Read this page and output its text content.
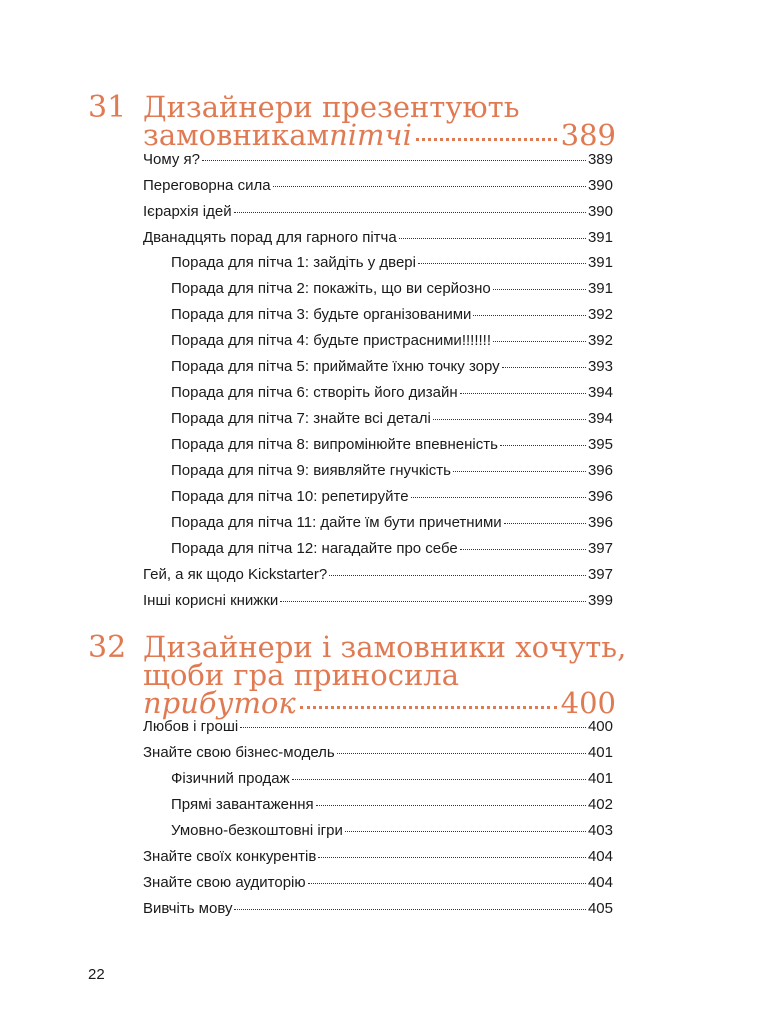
31 Дизайнери презентують
замовникам пітчі	389
Чому я?	389
Переговорна сила	390
Ієрархія ідей	390
Дванадцять порад для гарного пітча	391
Порада для пітча 1: зайдіть у двері	391
Порада для пітча 2: покажіть, що ви серйозно	391
Порада для пітча 3: будьте організованими	392
Порада для пітча 4: будьте пристрасними!!!!!!!	392
Порада для пітча 5: приймайте їхню точку зору	393
Порада для пітча 6: створіть його дизайн	394
Порада для пітча 7: знайте всі деталі	394
Порада для пітча 8: випромінюйте впевненість	395
Порада для пітча 9: виявляйте гнучкість	396
Порада для пітча 10: репетируйте	396
Порада для пітча 11: дайте їм бути причетними	396
Порада для пітча 12: нагадайте про себе	397
Гей, а як щодо Kickstarter?	397
Інші корисні книжки	399
32 Дизайнери і замовники хочуть,
щоби гра приносила
прибуток	400
Любов і гроші	400
Знайте свою бізнес-модель	401
Фізичний продаж	401
Прямі завантаження	402
Умовно-безкоштовні ігри	403
Знайте своїх конкурентів	404
Знайте свою аудиторію	404
Вивчіть мову	405
22
